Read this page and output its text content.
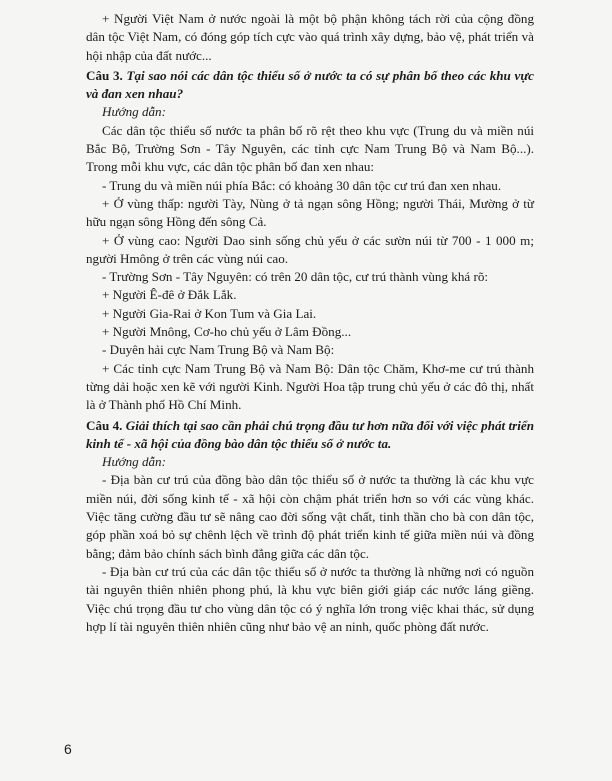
+ Người Việt Nam ở nước ngoài là một bộ phận không tách rời của cộng đồng dân tộc Việt Nam, có đóng góp tích cực vào quá trình xây dựng, bảo vệ, phát triển và hội nhập của đất nước...

Câu 3. Tại sao nói các dân tộc thiểu số ở nước ta có sự phân bố theo các khu vực và đan xen nhau?

Hướng dẫn:

Các dân tộc thiểu số nước ta phân bố rõ rệt theo khu vực (Trung du và miền núi Bắc Bộ, Trường Sơn - Tây Nguyên, các tỉnh cực Nam Trung Bộ và Nam Bộ...). Trong mỗi khu vực, các dân tộc phân bố đan xen nhau:

- Trung du và miền núi phía Bắc: có khoảng 30 dân tộc cư trú đan xen nhau.

+ Ở vùng thấp: người Tày, Nùng ở tả ngạn sông Hồng; người Thái, Mường ở từ hữu ngạn sông Hồng đến sông Cả.

+ Ở vùng cao: Người Dao sinh sống chủ yếu ở các sườn núi từ 700 - 1 000 m; người Hmông ở trên các vùng núi cao.

- Trường Sơn - Tây Nguyên: có trên 20 dân tộc, cư trú thành vùng khá rõ:

+ Người Ê-đê ở Đắk Lắk.

+ Người Gia-Rai ở Kon Tum và Gia Lai.

+ Người Mnông, Cơ-ho chủ yếu ở Lâm Đồng...

- Duyên hải cực Nam Trung Bộ và Nam Bộ:

+ Các tỉnh cực Nam Trung Bộ và Nam Bộ: Dân tộc Chăm, Khơ-me cư trú thành từng dải hoặc xen kẽ với người Kinh. Người Hoa tập trung chủ yếu ở các đô thị, nhất là ở Thành phố Hồ Chí Minh.

Câu 4. Giải thích tại sao cần phải chú trọng đầu tư hơn nữa đối với việc phát triển kinh tế - xã hội của đồng bào dân tộc thiểu số ở nước ta.

Hướng dẫn:

- Địa bàn cư trú của đồng bào dân tộc thiểu số ở nước ta thường là các khu vực miền núi, đời sống kinh tế - xã hội còn chậm phát triển hơn so với các vùng khác. Việc tăng cường đầu tư sẽ nâng cao đời sống vật chất, tinh thần cho bà con dân tộc, góp phần xoá bỏ sự chênh lệch về trình độ phát triển kinh tế giữa miền núi và đồng bằng; đảm bảo chính sách bình đẳng giữa các dân tộc.

- Địa bàn cư trú của các dân tộc thiểu số ở nước ta thường là những nơi có nguồn tài nguyên thiên nhiên phong phú, là khu vực biên giới giáp các nước láng giềng. Việc chú trọng đầu tư cho vùng dân tộc có ý nghĩa lớn trong việc khai thác, sử dụng hợp lí tài nguyên thiên nhiên cũng như bảo vệ an ninh, quốc phòng đất nước.

6
